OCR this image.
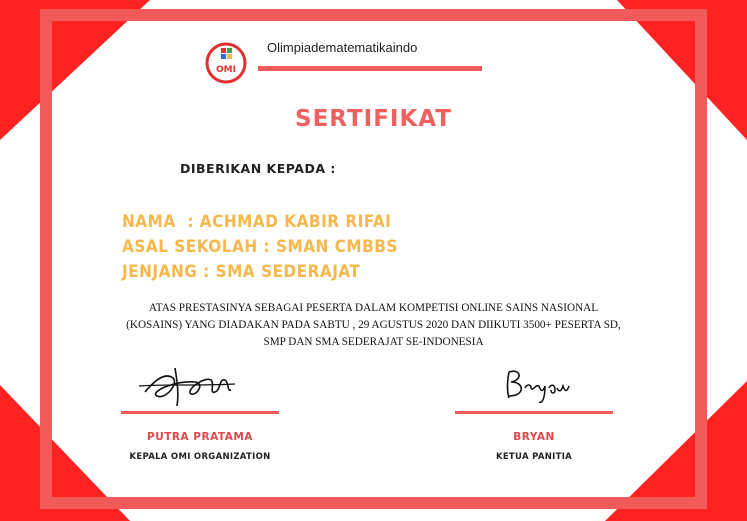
OMI
Olimpiadematematikaindo
SERTIFIKAT
DIBERIKAN KEPADA :
NAMA  : ACHMAD KABIR RIFAI
ASAL SEKOLAH : SMAN CMBBS
JENJANG : SMA SEDERAJAT
ATAS PRESTASINYA SEBAGAI PESERTA DALAM KOMPETISI ONLINE SAINS NASIONAL
(KOSAINS) YANG DIADAKAN PADA SABTU , 29 AGUSTUS 2020 DAN DIIKUTI 3500+ PESERTA SD,
SMP DAN SMA SEDERAJAT SE-INDONESIA
PUTRA PRATAMA
KEPALA OMI ORGANIZATION
BRYAN
KETUA PANITIA
